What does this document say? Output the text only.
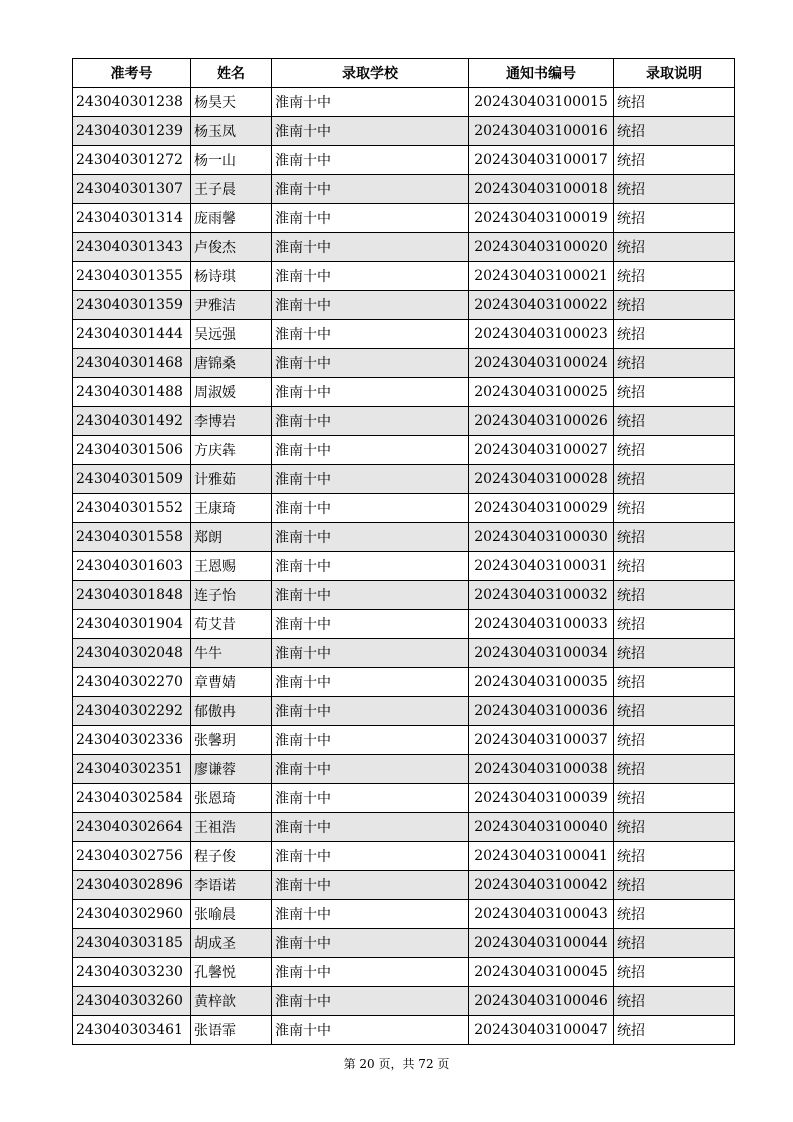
准考号	姓名	录取学校	通知书编号	录取说明
243040301238	杨昊天	淮南十中	202430403100015	统招
243040301239	杨玉凤	淮南十中	202430403100016	统招
243040301272	杨一山	淮南十中	202430403100017	统招
243040301307	王子晨	淮南十中	202430403100018	统招
243040301314	庞雨馨	淮南十中	202430403100019	统招
243040301343	卢俊杰	淮南十中	202430403100020	统招
243040301355	杨诗琪	淮南十中	202430403100021	统招
243040301359	尹雅洁	淮南十中	202430403100022	统招
243040301444	吴远强	淮南十中	202430403100023	统招
243040301468	唐锦桑	淮南十中	202430403100024	统招
243040301488	周淑媛	淮南十中	202430403100025	统招
243040301492	李博岩	淮南十中	202430403100026	统招
243040301506	方庆犇	淮南十中	202430403100027	统招
243040301509	计雅茹	淮南十中	202430403100028	统招
243040301552	王康琦	淮南十中	202430403100029	统招
243040301558	郑朗	淮南十中	202430403100030	统招
243040301603	王恩赐	淮南十中	202430403100031	统招
243040301848	连子怡	淮南十中	202430403100032	统招
243040301904	苟艾昔	淮南十中	202430403100033	统招
243040302048	牛牛	淮南十中	202430403100034	统招
243040302270	章曹婧	淮南十中	202430403100035	统招
243040302292	郁傲冉	淮南十中	202430403100036	统招
243040302336	张馨玥	淮南十中	202430403100037	统招
243040302351	廖谦蓉	淮南十中	202430403100038	统招
243040302584	张恩琦	淮南十中	202430403100039	统招
243040302664	王祖浩	淮南十中	202430403100040	统招
243040302756	程子俊	淮南十中	202430403100041	统招
243040302896	李语诺	淮南十中	202430403100042	统招
243040302960	张喻晨	淮南十中	202430403100043	统招
243040303185	胡成圣	淮南十中	202430403100044	统招
243040303230	孔馨悦	淮南十中	202430403100045	统招
243040303260	黄梓歆	淮南十中	202430403100046	统招
243040303461	张语霏	淮南十中	202430403100047	统招
第 20 页，共 72 页
